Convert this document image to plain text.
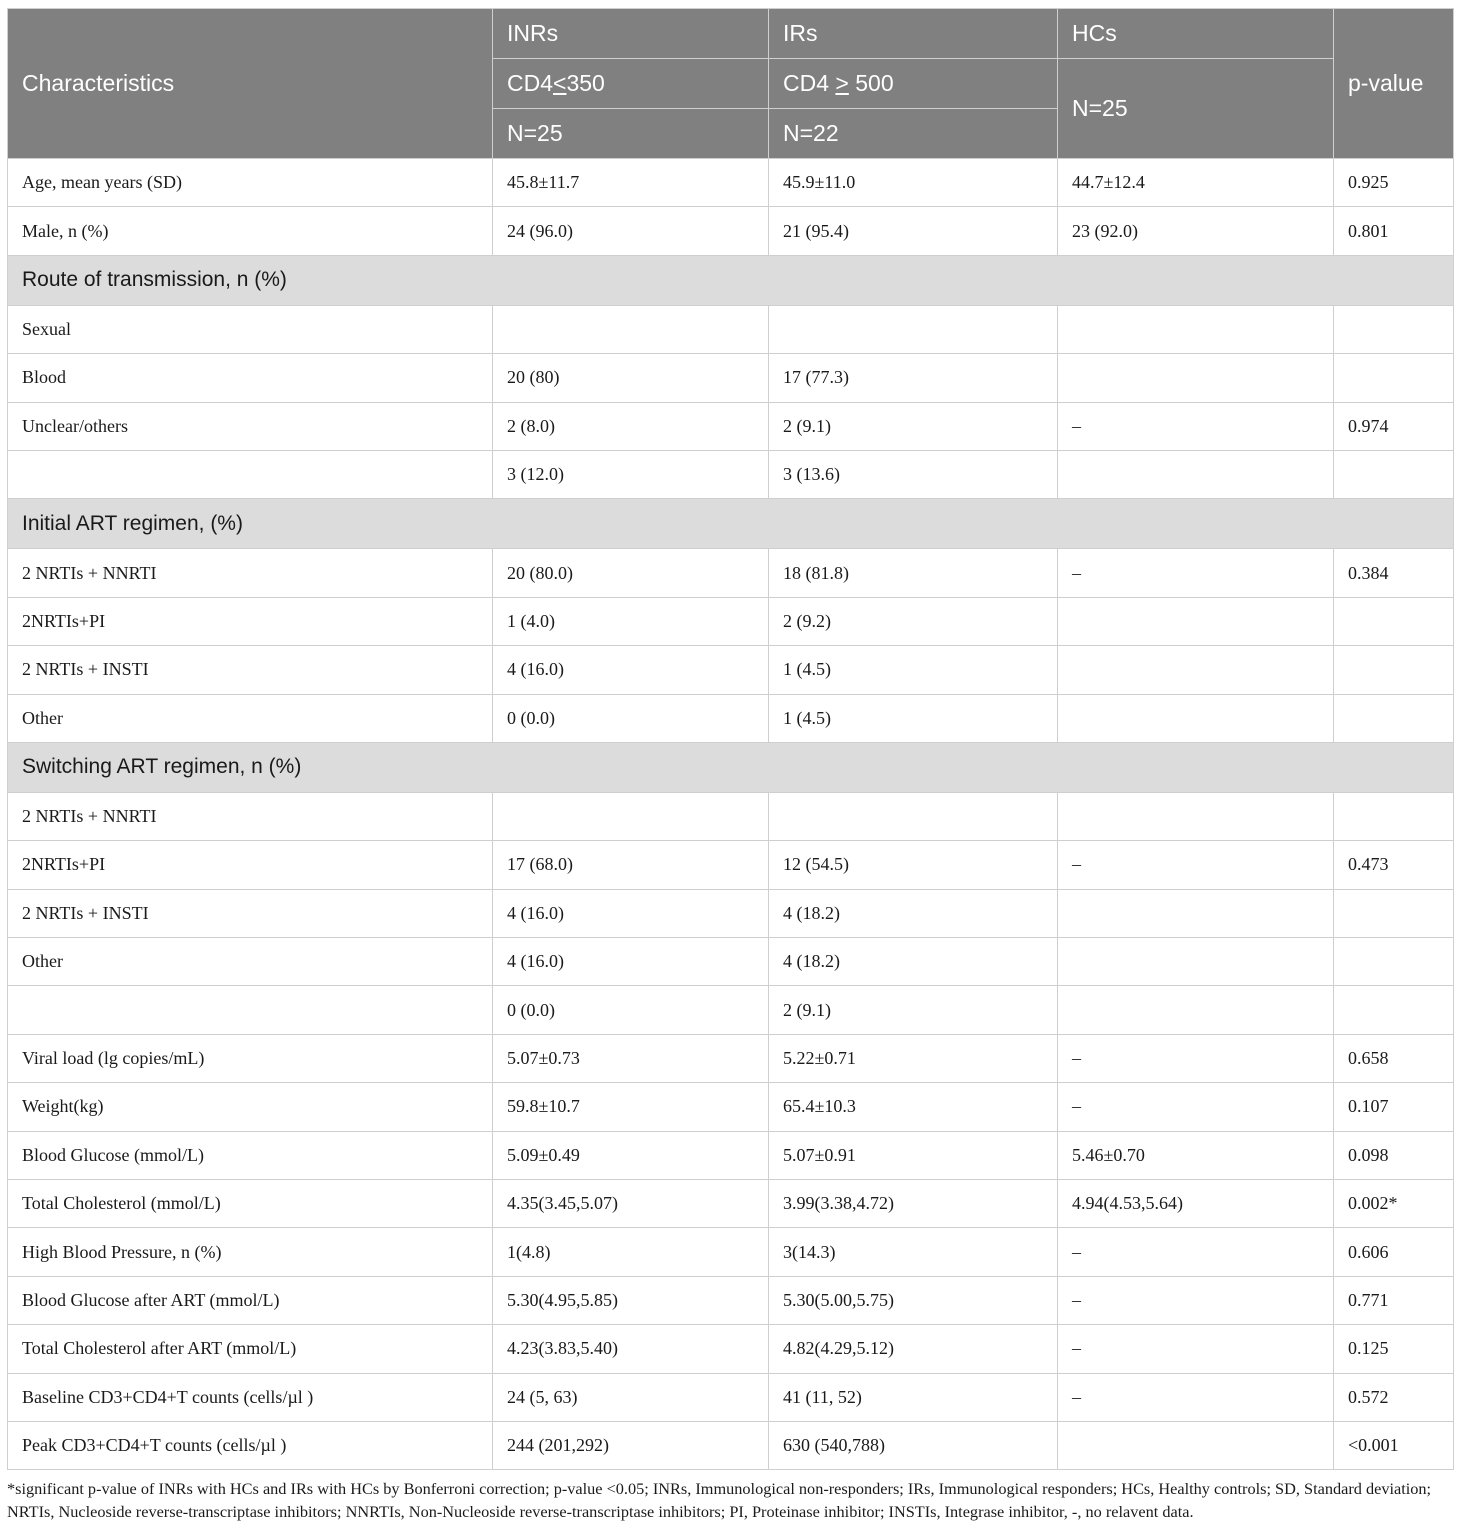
Characteristics	INRs	IRs	HCs	p-value
	CD4<350	CD4 > 500	N=25	
	N=25	N=22		
Age, mean years (SD)	45.8±11.7	45.9±11.0	44.7±12.4	0.925
Male, n (%)	24 (96.0)	21 (95.4)	23 (92.0)	0.801
Route of transmission, n (%)				
Sexual				
Blood	20 (80)	17 (77.3)		
Unclear/others	2 (8.0)	2 (9.1)	–	0.974
	3 (12.0)	3 (13.6)		
Initial ART regimen, (%)				
2 NRTIs + NNRTI	20 (80.0)	18 (81.8)	–	0.384
2NRTIs+PI	1 (4.0)	2 (9.2)		
2 NRTIs + INSTI	4 (16.0)	1 (4.5)		
Other	0 (0.0)	1 (4.5)		
Switching ART regimen, n (%)				
2 NRTIs + NNRTI				
2NRTIs+PI	17 (68.0)	12 (54.5)	–	0.473
2 NRTIs + INSTI	4 (16.0)	4 (18.2)		
Other	4 (16.0)	4 (18.2)		
	0 (0.0)	2 (9.1)		
Viral load (lg copies/mL)	5.07±0.73	5.22±0.71	–	0.658
Weight(kg)	59.8±10.7	65.4±10.3	–	0.107
Blood Glucose (mmol/L)	5.09±0.49	5.07±0.91	5.46±0.70	0.098
Total Cholesterol (mmol/L)	4.35(3.45,5.07)	3.99(3.38,4.72)	4.94(4.53,5.64)	0.002*
High Blood Pressure, n (%)	1(4.8)	3(14.3)	–	0.606
Blood Glucose after ART (mmol/L)	5.30(4.95,5.85)	5.30(5.00,5.75)	–	0.771
Total Cholesterol after ART (mmol/L)	4.23(3.83,5.40)	4.82(4.29,5.12)	–	0.125
Baseline CD3+CD4+T counts (cells/µl )	24 (5, 63)	41 (11, 52)	–	0.572
Peak CD3+CD4+T counts (cells/µl )	244 (201,292)	630 (540,788)		<0.001
*significant p-value of INRs with HCs and IRs with HCs by Bonferroni correction; p-value <0.05; INRs, Immunological non-responders; IRs, Immunological responders; HCs, Healthy controls; SD, Standard deviation; NRTIs, Nucleoside reverse-transcriptase inhibitors; NNRTIs, Non-Nucleoside reverse-transcriptase inhibitors; PI, Proteinase inhibitor; INSTIs, Integrase inhibitor, -, no relavent data.
